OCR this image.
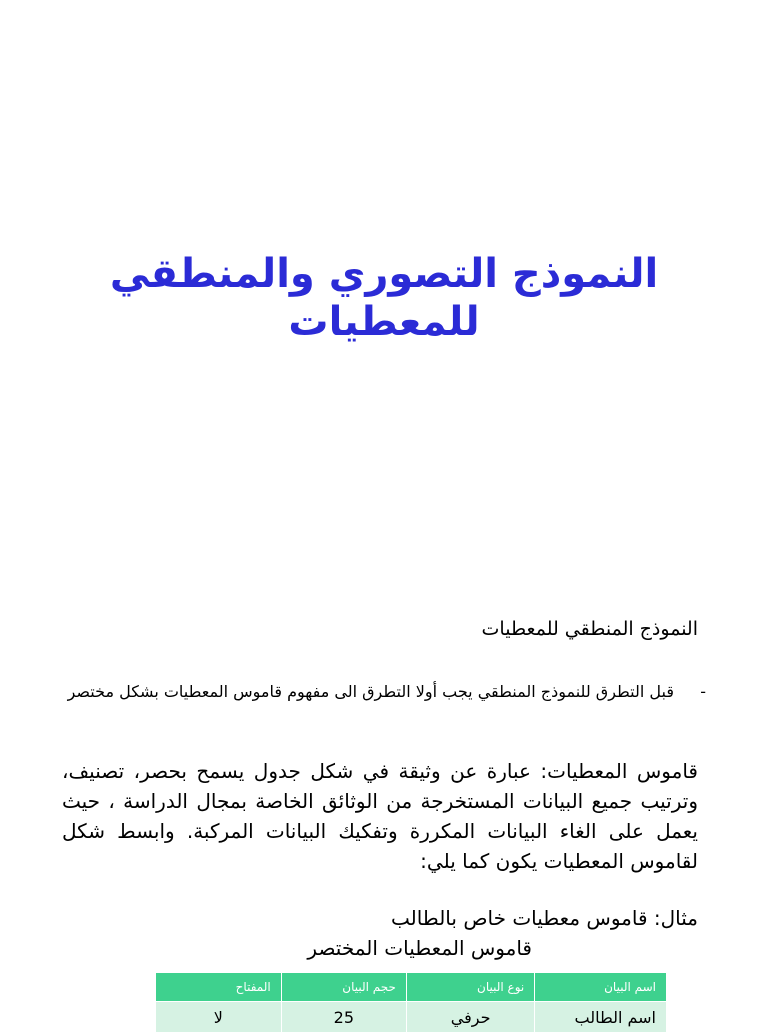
النموذج التصوري والمنطقي للمعطيات
النموذج المنطقي للمعطيات
-
قبل التطرق للنموذج المنطقي يجب أولا التطرق الى مفهوم قاموس المعطيات بشكل مختصر
قاموس المعطيات: عبارة عن وثيقة في شكل جدول يسمح بحصر، تصنيف، وترتيب جميع البيانات المستخرجة من الوثائق الخاصة بمجال الدراسة ، حيث يعمل على الغاء البيانات المكررة وتفكيك البيانات المركبة. وابسط شكل لقاموس المعطيات يكون كما يلي:
مثال: قاموس معطيات خاص بالطالب
قاموس المعطيات المختصر
اسم البيان	نوع البيان	حجم البيان	المفتاح
اسم الطالب	حرفي	25	لا
